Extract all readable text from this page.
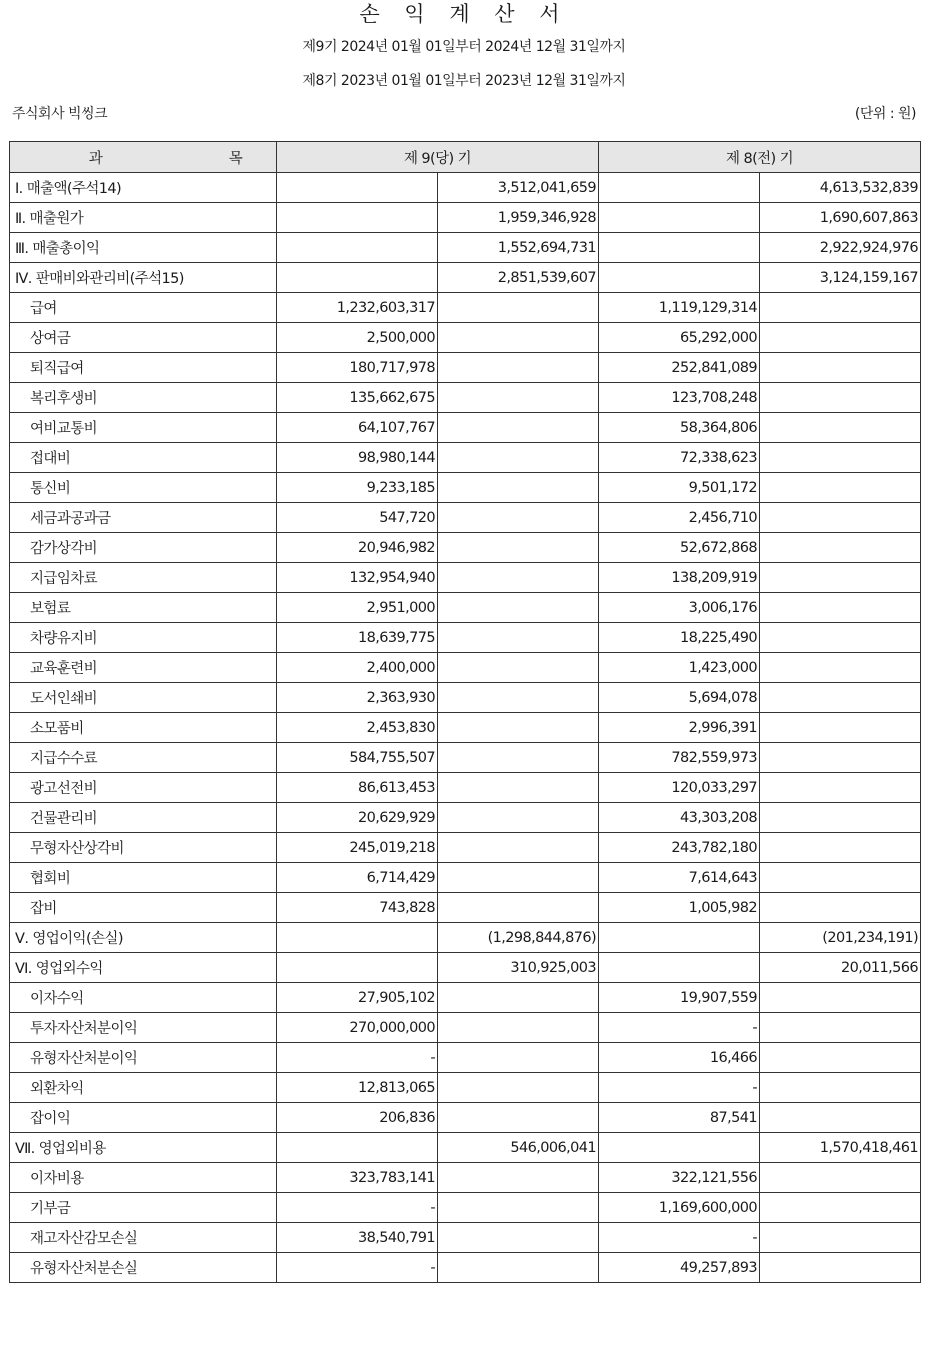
손 익 계 산 서
제9기 2024년 01월 01일부터 2024년 12월 31일까지
제8기 2023년 01월 01일부터 2023년 12월 31일까지
주식회사 빅씽크	(단위 : 원)
과 목	제 9(당) 기		제 8(전) 기	
Ⅰ. 매출액(주석14)		3,512,041,659		4,613,532,839
Ⅱ. 매출원가		1,959,346,928		1,690,607,863
Ⅲ. 매출총이익		1,552,694,731		2,922,924,976
Ⅳ. 판매비와관리비(주석15)		2,851,539,607		3,124,159,167
급여	1,232,603,317		1,119,129,314	
상여금	2,500,000		65,292,000	
퇴직급여	180,717,978		252,841,089	
복리후생비	135,662,675		123,708,248	
여비교통비	64,107,767		58,364,806	
접대비	98,980,144		72,338,623	
통신비	9,233,185		9,501,172	
세금과공과금	547,720		2,456,710	
감가상각비	20,946,982		52,672,868	
지급임차료	132,954,940		138,209,919	
보험료	2,951,000		3,006,176	
차량유지비	18,639,775		18,225,490	
교육훈련비	2,400,000		1,423,000	
도서인쇄비	2,363,930		5,694,078	
소모품비	2,453,830		2,996,391	
지급수수료	584,755,507		782,559,973	
광고선전비	86,613,453		120,033,297	
건물관리비	20,629,929		43,303,208	
무형자산상각비	245,019,218		243,782,180	
협회비	6,714,429		7,614,643	
잡비	743,828		1,005,982	
Ⅴ. 영업이익(손실)		(1,298,844,876)		(201,234,191)
Ⅵ. 영업외수익		310,925,003		20,011,566
이자수익	27,905,102		19,907,559	
투자자산처분이익	270,000,000		-	
유형자산처분이익	-		16,466	
외환차익	12,813,065		-	
잡이익	206,836		87,541	
Ⅶ. 영업외비용		546,006,041		1,570,418,461
이자비용	323,783,141		322,121,556	
기부금	-		1,169,600,000	
재고자산감모손실	38,540,791		-	
유형자산처분손실	-		49,257,893	
